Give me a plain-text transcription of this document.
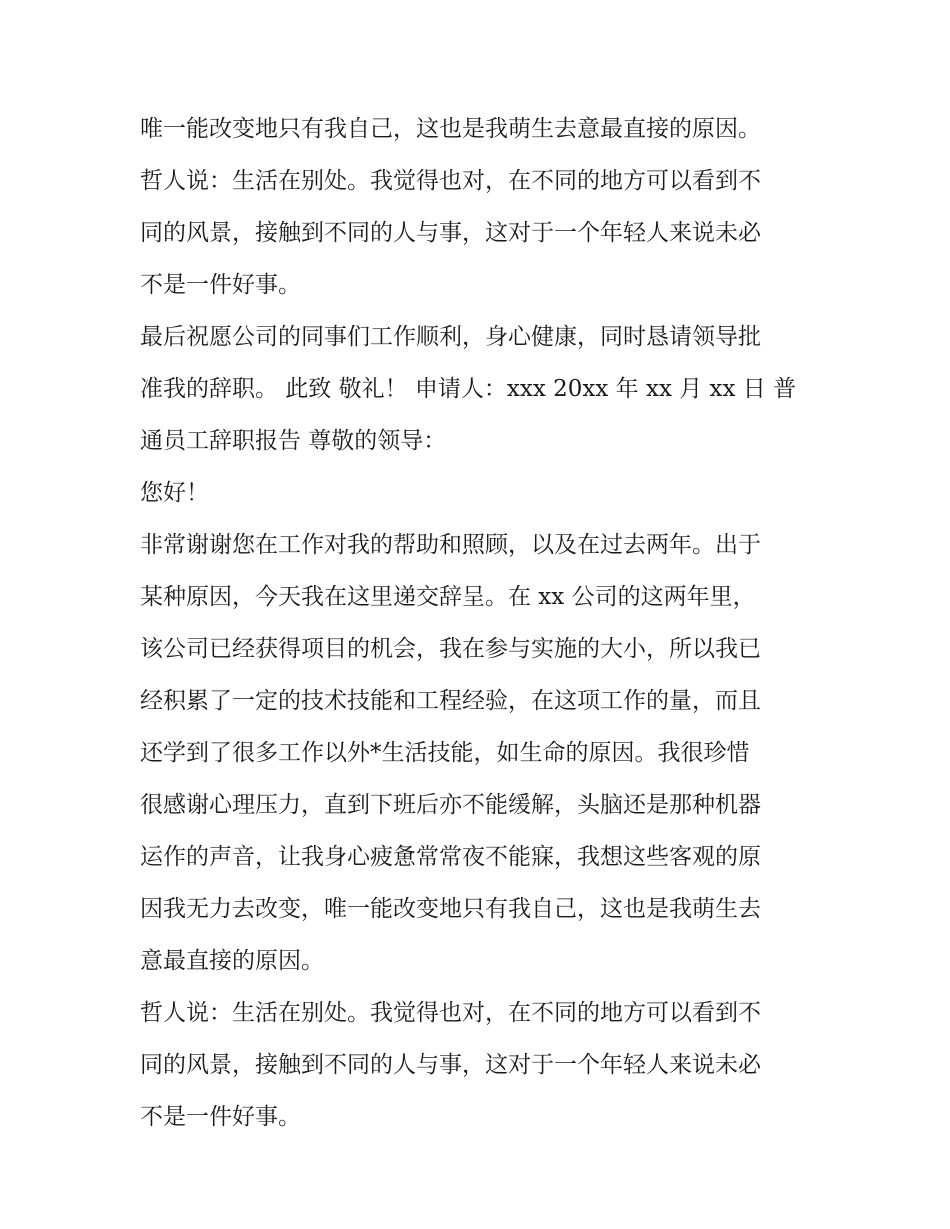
唯一能改变地只有我自己，这也是我萌生去意最直接的原因。
哲人说：生活在别处。我觉得也对，在不同的地方可以看到不
同的风景，接触到不同的人与事，这对于一个年轻人来说未必
不是一件好事。
最后祝愿公司的同事们工作顺利，身心健康，同时恳请领导批
准我的辞职。 此致 敬礼！ 申请人：xxx 20xx 年 xx 月 xx 日 普
通员工辞职报告 尊敬的领导：
您好！
非常谢谢您在工作对我的帮助和照顾，以及在过去两年。出于
某种原因，今天我在这里递交辞呈。在 xx 公司的这两年里，
该公司已经获得项目的机会，我在参与实施的大小，所以我已
经积累了一定的技术技能和工程经验，在这项工作的量，而且
还学到了很多工作以外*生活技能，如生命的原因。我很珍惜
很感谢心理压力，直到下班后亦不能缓解，头脑还是那种机器
运作的声音，让我身心疲惫常常夜不能寐，我想这些客观的原
因我无力去改变，唯一能改变地只有我自己，这也是我萌生去
意最直接的原因。
哲人说：生活在别处。我觉得也对，在不同的地方可以看到不
同的风景，接触到不同的人与事，这对于一个年轻人来说未必
不是一件好事。
